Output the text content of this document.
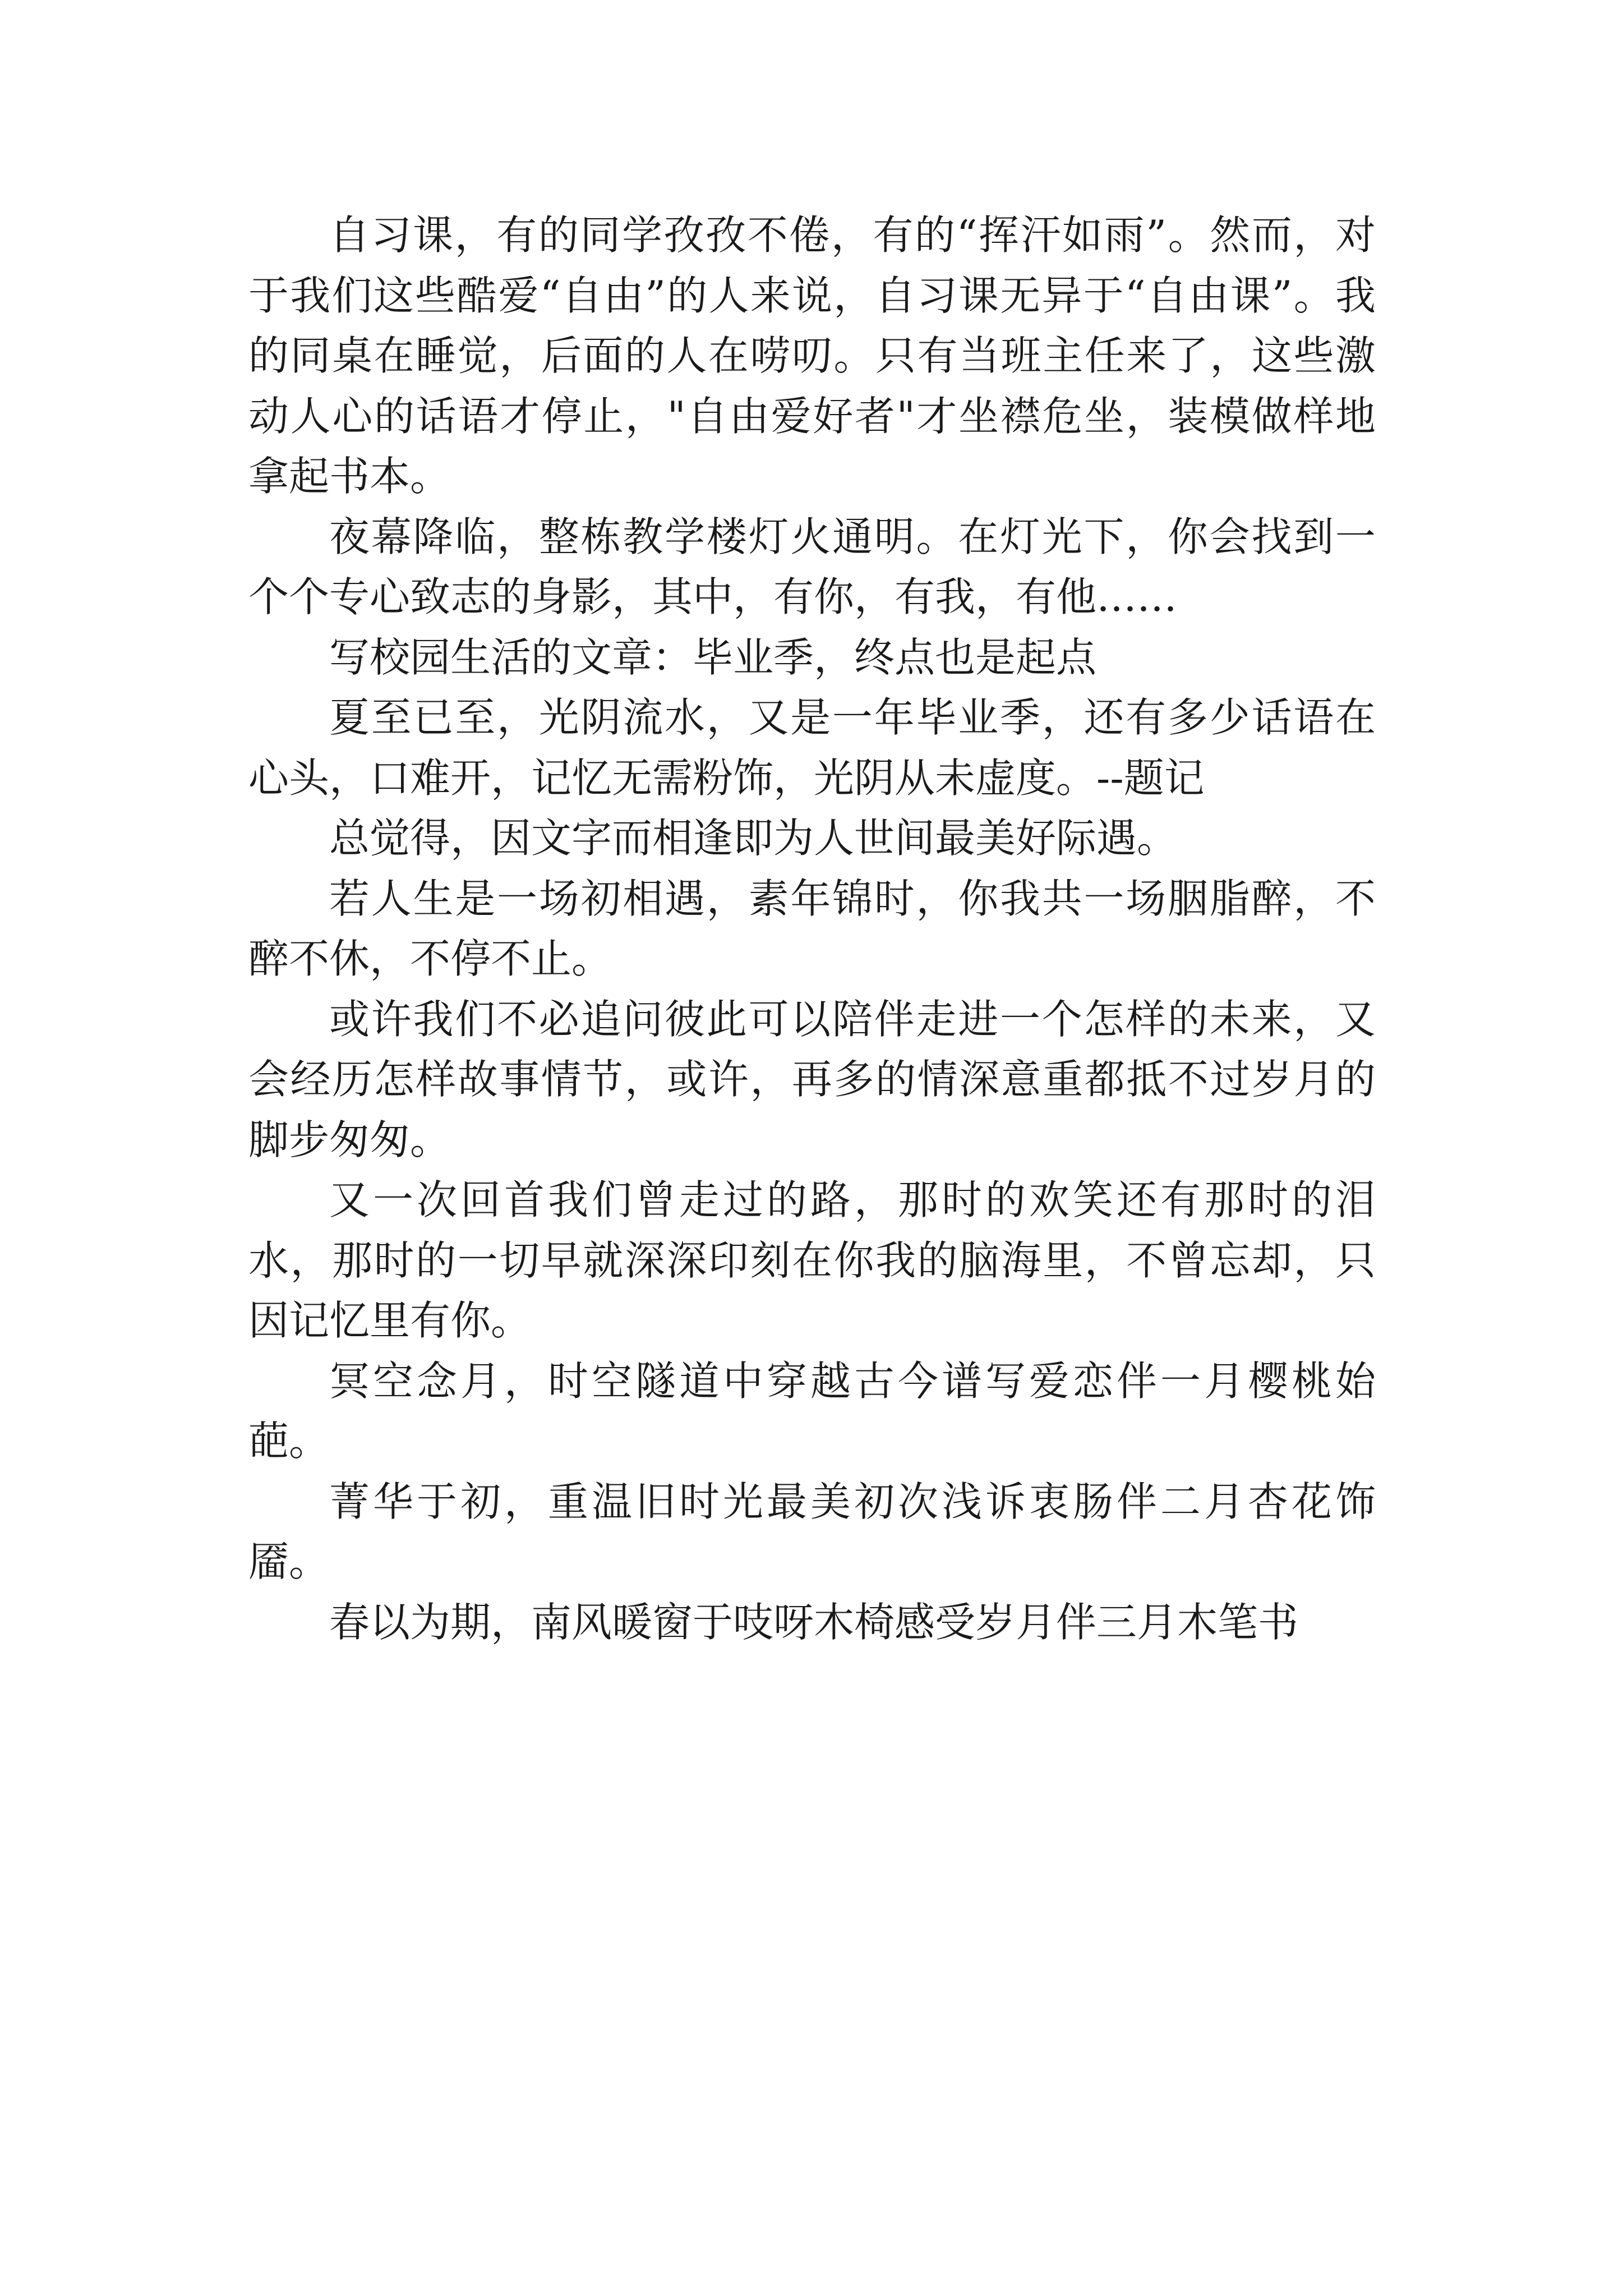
自习课，有的同学孜孜不倦，有的“挥汗如雨”。然而，对于我们这些酷爱“自由”的人来说，自习课无异于“自由课”。我的同桌在睡觉，后面的人在唠叨。只有当班主任来了，这些激动人心的话语才停止，"自由爱好者"才坐襟危坐，装模做样地拿起书本。

夜幕降临，整栋教学楼灯火通明。在灯光下，你会找到一个个专心致志的身影，其中，有你，有我，有他……

写校园生活的文章：毕业季，终点也是起点

夏至已至，光阴流水，又是一年毕业季，还有多少话语在心头，口难开，记忆无需粉饰，光阴从未虚度。--题记

总觉得，因文字而相逢即为人世间最美好际遇。

若人生是一场初相遇，素年锦时，你我共一场胭脂醉，不醉不休，不停不止。

或许我们不必追问彼此可以陪伴走进一个怎样的未来，又会经历怎样故事情节，或许，再多的情深意重都抵不过岁月的脚步匆匆。

又一次回首我们曾走过的路，那时的欢笑还有那时的泪水，那时的一切早就深深印刻在你我的脑海里，不曾忘却，只因记忆里有你。

冥空念月，时空隧道中穿越古今谱写爱恋伴一月樱桃始葩。

菁华于初，重温旧时光最美初次浅诉衷肠伴二月杏花饰靥。

春以为期，南风暖窗于吱呀木椅感受岁月伴三月木笔书
